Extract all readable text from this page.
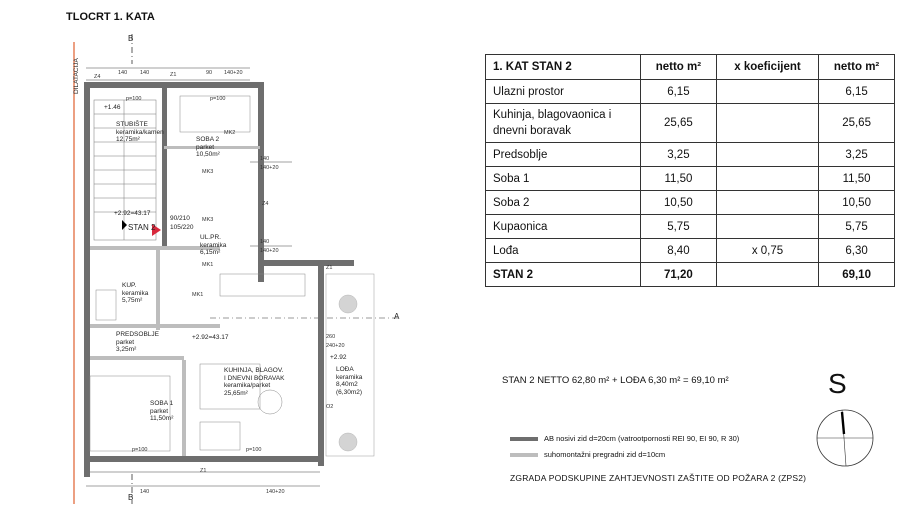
TLOCRT 1. KATA
DILATACIJA
B
B
A
STUBIŠTE
keramika/kamen
12,75m²	SOBA 2
parket
10,50m²
UL.PR.
keramika
6,15m²
KUP.
keramika
5,75m²
PREDSOBLJE
parket
3,25m²
KUHINJA, BLAGOV.
I DNEVNI BORAVAK
keramika/parket
25,65m²
LOĐA
keramika
8,40m2
(6,30m2)
SOBA 1
parket
11,50m²
STAN 2
+1.46
+2.92=43.17
+2.92=43.17
+2.92
90/210
105/220
140 140	90 140+20
140
140+20
140
140+20
260
240+20
140	140+20
p=100	p=100
p=100	p=100
Z4	Z1
MK2
MK3
Z4
MK3
MK1
MK1
Z1
Z1
O2
1. KAT STAN 2	netto m²	x koeficijent	netto m²
Ulazni prostor	6,15		6,15
Kuhinja, blagovaonica i dnevni boravak	25,65		25,65
Predsoblje	3,25		3,25
Soba 1	11,50		11,50
Soba 2	10,50		10,50
Kupaonica	5,75		5,75
Lođa	8,40	x 0,75	6,30
STAN 2	71,20		69,10
STAN 2 NETTO 62,80 m² + LOĐA 6,30 m² = 69,10 m²
AB nosivi zid d=20cm (vatrootpornosti REI 90, EI 90, R 30)
suhomontažni pregradni zid d=10cm
ZGRADA PODSKUPINE ZAHTJEVNOSTI ZAŠTITE OD POŽARA 2 (ZPS2)
S
